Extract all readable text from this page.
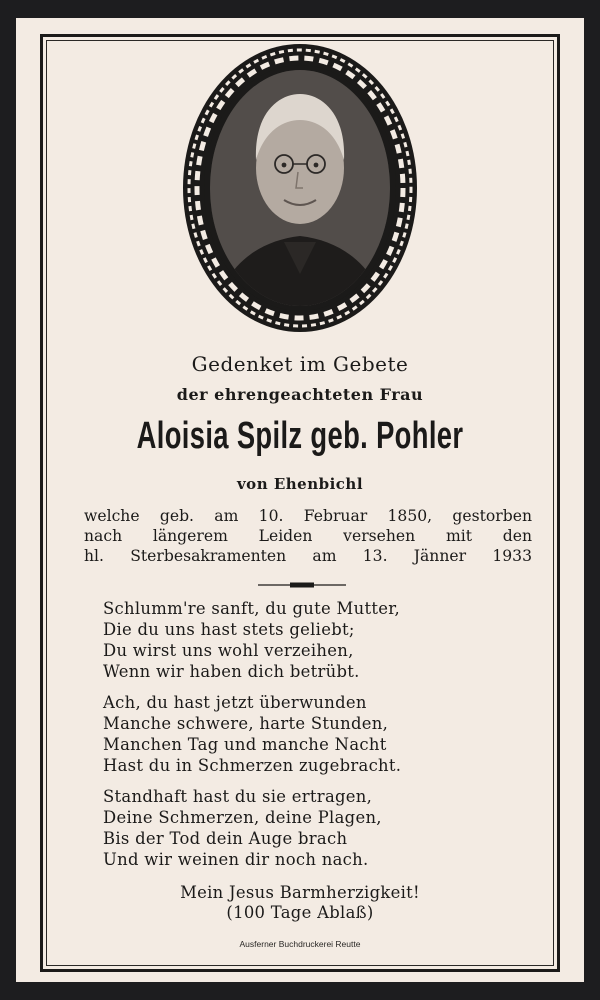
Gedenket im Gebete
der ehrengeachteten Frau
Aloisia Spilz geb. Pohler
von Ehenbichl
welche geb. am 10. Februar 1850, gestorben
nach längerem Leiden versehen mit den
hl. Sterbesakramenten am 13. Jänner 1933
Schlumm're sanft, du gute Mutter,
Die du uns hast stets geliebt;
Du wirst uns wohl verzeihen,
Wenn wir haben dich betrübt.
Ach, du hast jetzt überwunden
Manche schwere, harte Stunden,
Manchen Tag und manche Nacht
Hast du in Schmerzen zugebracht.
Standhaft hast du sie ertragen,
Deine Schmerzen, deine Plagen,
Bis der Tod dein Auge brach
Und wir weinen dir noch nach.
Mein Jesus Barmherzigkeit!
(100 Tage Ablaß)
Ausferner Buchdruckerei Reutte
